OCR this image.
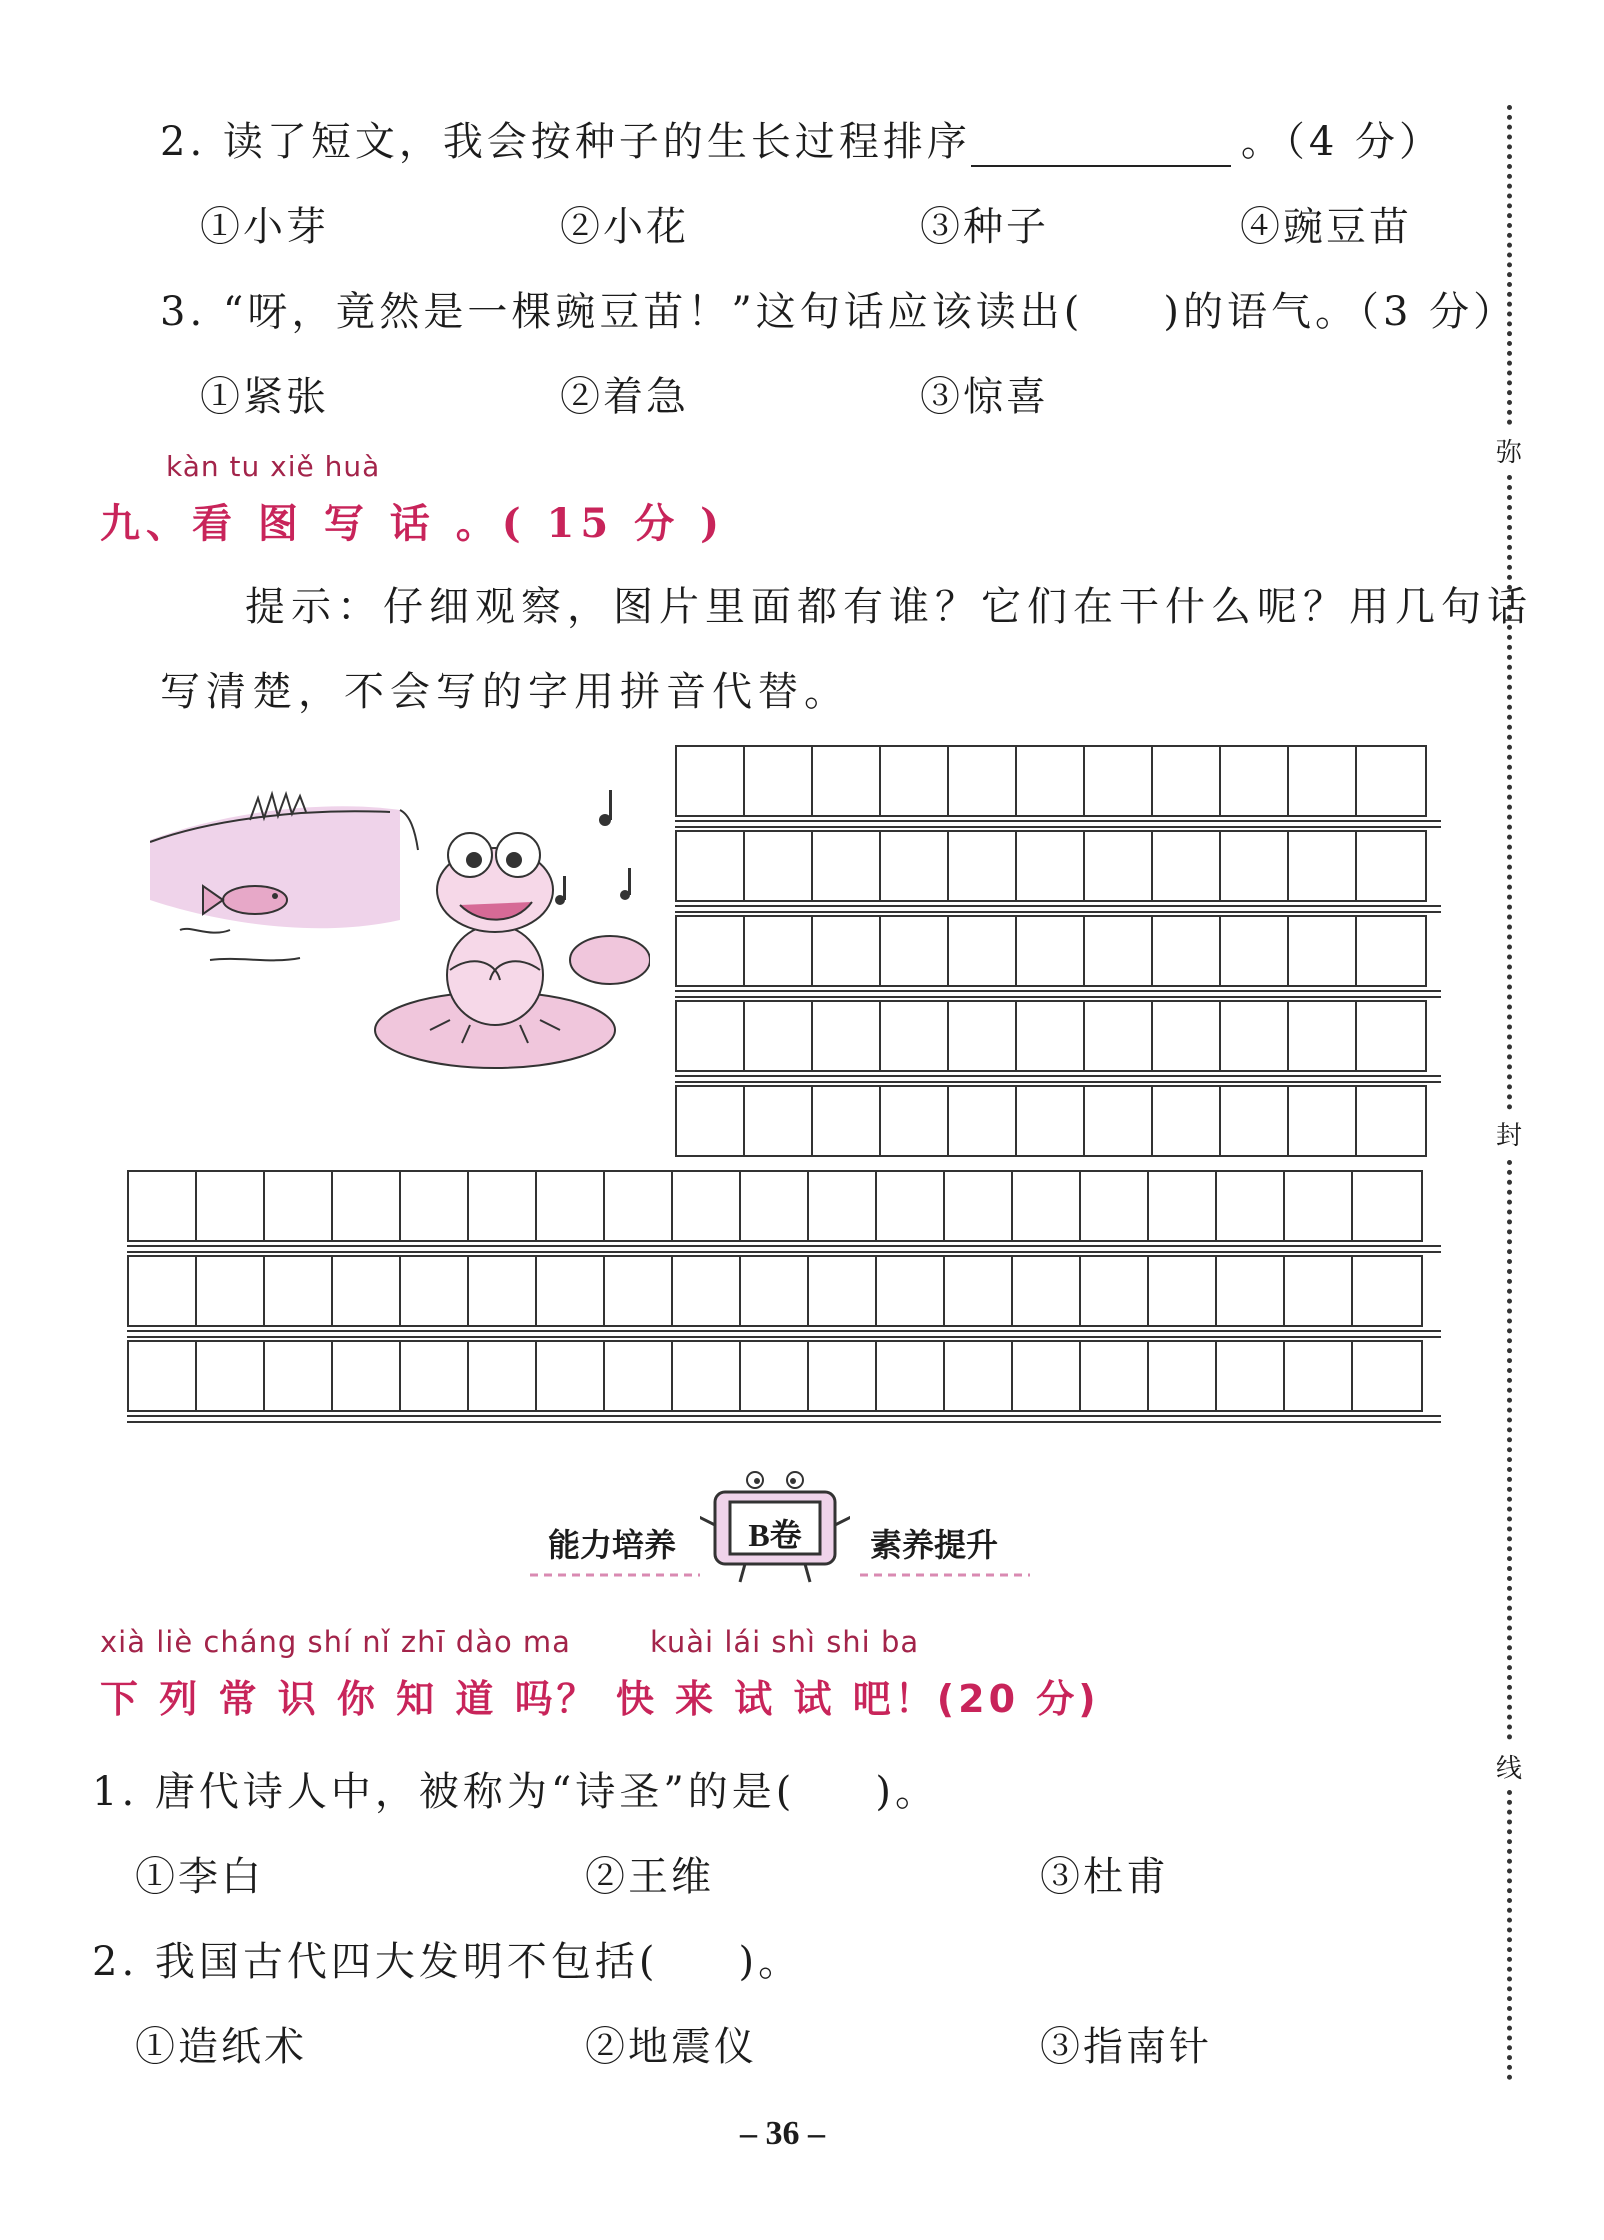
2. 读了短文，我会按种子的生长过程排序	。（4 分）
①小芽	②小花	③种子	④豌豆苗
3. “呀，竟然是一棵豌豆苗！”这句话应该读出( )的语气。（3 分）
①紧张	②着急	③惊喜
kàn tu xiě huà
九、看 图 写 话 。( 15 分 )
提示：仔细观察，图片里面都有谁？它们在干什么呢？用几句话
写清楚，不会写的字用拼音代替。
能力培养	B卷	素养提升
xià liè cháng shí nǐ zhī dào ma	kuài lái shì shi ba
下 列 常 识 你 知 道 吗？ 快 来 试 试 吧！(20 分)
1. 唐代诗人中，被称为“诗圣”的是( )。
①李白	②王维	③杜甫
2. 我国古代四大发明不包括( )。
①造纸术	②地震仪	③指南针
– 36 –
弥
封
线
